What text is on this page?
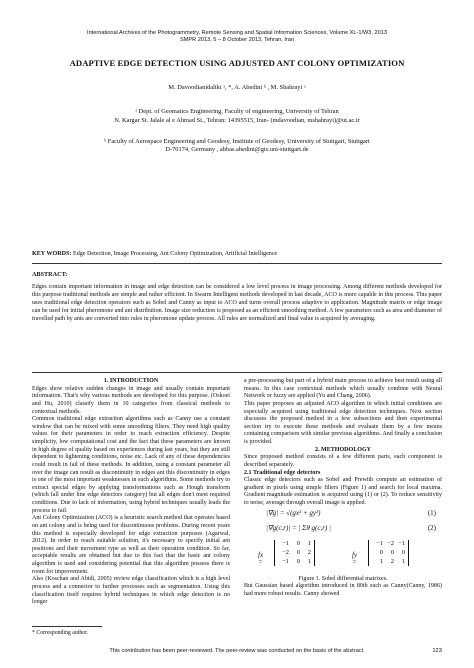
International Archives of the Photogrammetry, Remote Sensing and Spatial Information Sciences, Volume XL-1/W3, 2013
SMPR 2013, 5 – 8 October 2013, Tehran, Iran
ADAPTIVE EDGE DETECTION USING ADJUSTED ANT COLONY OPTIMIZATION
M. Davoodianidaliki ᵃ, *, A. Abedini ᵇ , M. Shahrayi ᵃ
ᵃ Dept. of Geomatics Engineering, Faculty of engineering, University of Tehran
N. Kargar St. Jalale al e Ahmad St., Tehran: 14395515, Iran- (mdavoodian, mshahrayi)@ut.ac.ir
ᵇ Faculty of Aerospace Engineering and Geodesy, Institute of Geodesy, University of Stuttgart, Stuttgart
D-70174, Germany , abbas.abedini@gis.uni-stuttgart.de
KEY WORDS: Edge Detection, Image Processing, Ant Colony Optimization, Artificial Intelligence
ABSTRACT:
Edges contain important information in image and edge detection can be considered a low level process in image processing. Among different methods developed for this purpose traditional methods are simple and rather efficient. In Swarm Intelligent methods developed in last decade, ACO is more capable in this process. This paper uses traditional edge detection operators such as Sobel and Canny as input to ACO and turns overall process adaptive to application. Magnitude matrix or edge image can be used for initial pheromone and ant distribution. Image size reduction is proposed as an efficient smoothing method. A few parameters such as area and diameter of travelled path by ants are converted into rules in pheromone update process. All rules are normalized and final value is acquired by averaging.

1. INTRODUCTION

Edges show relative sudden changes in image and usually contain important information. That's why various methods are developed for this purpose. (Oskoei and Hu, 2010) classify them in 10 categories from classical methods to contextual methods.

Common traditional edge extraction algorithms such as Canny use a constant window that can be mixed with some smoothing filters. They need high quality values for their parameters in order to reach extraction efficiency. Despite simplicity, low computational cost and the fact that these parameters are known in high degree of quality based on experiences during last years, but they are still dependent to lightening conditions, noise etc. Lack of any of these dependencies could result in fail of these methods. In addition, using a constant parameter all over the image can result as discontinuity in edges ant this discontinuity in edges is one of the most important weaknesses in such algorithms. Some methods try to extract special edges by applying transformations such as Hough transform (which fall under line edge detectors category) but all edges don't meet required conditions. Due to lack of information, using hybrid techniques usually leads the process to fail.

Ant Colony Optimization (ACO) is a heuristic search method that operates based on ant colony and is being used for discontinuous problems. During recent years this method is especially developed for edge extraction purposes (Agarwal, 2012). In order to reach suitable solution, it's necessary to specify initial ant positions and their movement type as well as their operation condition. So far, acceptable results are obtained but due to this fact that the basic ant colony algorithm is used and considering potential that this algorithm possess there is room for improvement.

Also (Koschan and Abidi, 2005) review edge classification which is a high level process and a connector to further processes such as segmentation. Using this classification itself requires hybrid techniques in which edge detection is no longer

a pre-processing but part of a hybrid main process to achieve best result using all means. In this case contextual methods which usually combine with Neural Network or fuzzy are applied (Yu and Chang, 2006).

This paper proposes an adjusted ACO algorithm in which initial conditions are especially acquired using traditional edge detection techniques. Next section discusses the proposed method in a few subsections and then experimental section try to execute these methods and evaluate them by a few means containing comparison with similar previous algorithms. And finally a conclusion is provided.

2. METHODOLOGY

Since proposed method consists of a few different parts, each component is described separately.

2.1 Traditional edge detectors

Classic edge detectors such as Sobel and Prewith compute an estimation of gradient in pixels using simple filters (Figure 1) and search for local maxima. Gradient magnitude estimation is acquired using (1) or (2). To reduce sensitivity to noise, average through overall image is applied.

|∇g| = √(gx² + gy²)	(1)
|∇g(c,r)| = | Σθ g(c,r) |	(2)
fx =
−1	0	1
−2	0	2
−1	0	1
fy =
−1 −2 −1
0	0	0
1	2	1

Figure 1. Sobel differential matrixes.

But Gaussian based algorithm introduced in 80th such as Canny(Canny, 1986) had more robust results. Canny showed

* Corresponding author.
This contribution has been peer-reviewed. The peer-review was conducted on the basis of the abstract.	123
